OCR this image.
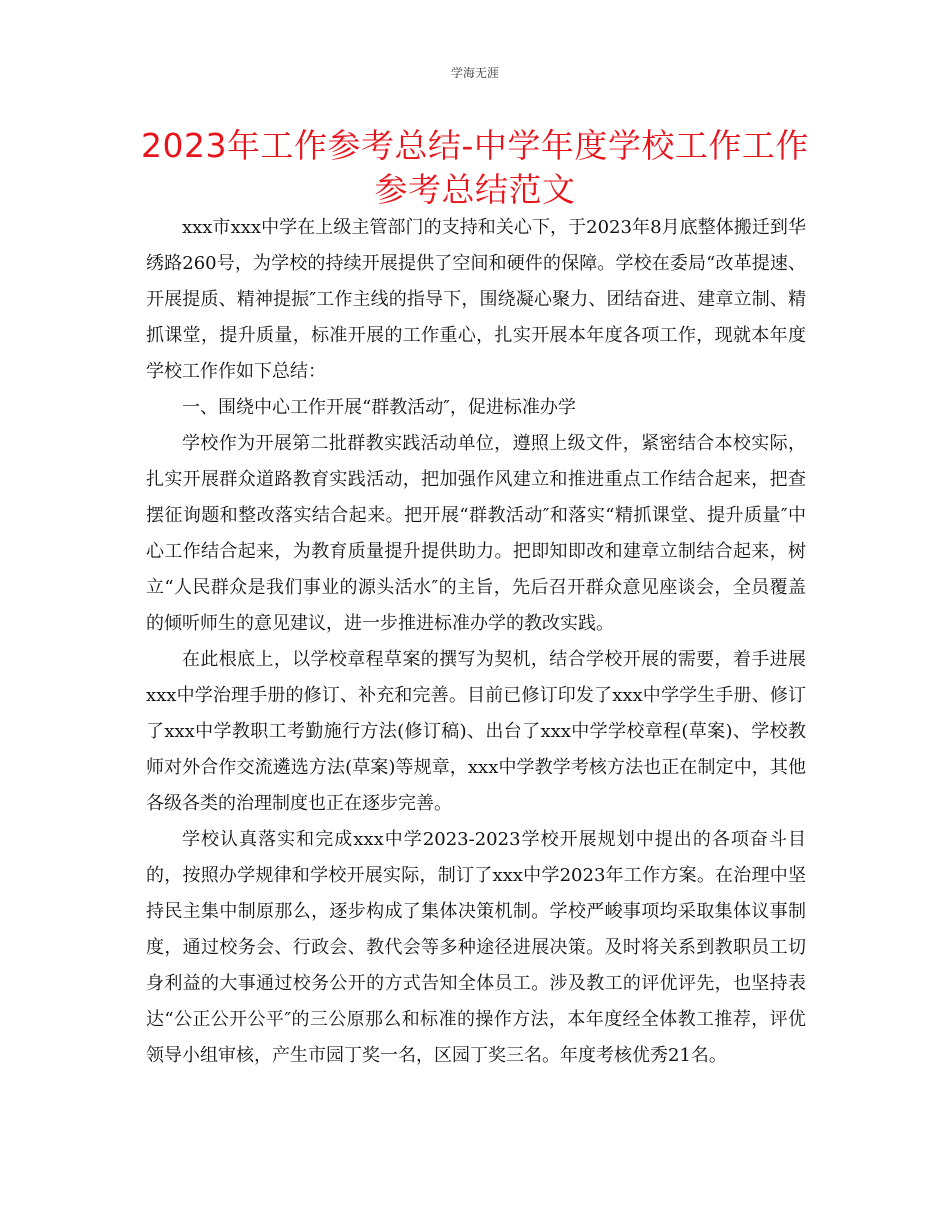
学海无涯
2023年工作参考总结-中学年度学校工作工作参考总结范文

xxx市xxx中学在上级主管部门的支持和关心下，于2023年8月底整体搬迁到华绣路260号，为学校的持续开展提供了空间和硬件的保障。学校在委局“改革提速、开展提质、精神提振″工作主线的指导下，围绕凝心聚力、团结奋进、建章立制、精抓课堂，提升质量，标准开展的工作重心，扎实开展本年度各项工作，现就本年度学校工作作如下总结：

一、围绕中心工作开展“群教活动″，促进标准办学

学校作为开展第二批群教实践活动单位，遵照上级文件，紧密结合本校实际，扎实开展群众道路教育实践活动，把加强作风建立和推进重点工作结合起来，把查摆征询题和整改落实结合起来。把开展“群教活动″和落实“精抓课堂、提升质量″中心工作结合起来，为教育质量提升提供助力。把即知即改和建章立制结合起来，树立“人民群众是我们事业的源头活水″的主旨，先后召开群众意见座谈会，全员覆盖的倾听师生的意见建议，进一步推进标准办学的教改实践。

在此根底上，以学校章程草案的撰写为契机，结合学校开展的需要，着手进展xxx中学治理手册的修订、补充和完善。目前已修订印发了xxx中学学生手册、修订了xxx中学教职工考勤施行方法(修订稿)、出台了xxx中学学校章程(草案)、学校教师对外合作交流遴选方法(草案)等规章，xxx中学教学考核方法也正在制定中，其他各级各类的治理制度也正在逐步完善。

学校认真落实和完成xxx中学2023-2023学校开展规划中提出的各项奋斗目的，按照办学规律和学校开展实际，制订了xxx中学2023年工作方案。在治理中坚持民主集中制原那么，逐步构成了集体决策机制。学校严峻事项均采取集体议事制度，通过校务会、行政会、教代会等多种途径进展决策。及时将关系到教职员工切身利益的大事通过校务公开的方式告知全体员工。涉及教工的评优评先，也坚持表达“公正公开公平″的三公原那么和标准的操作方法，本年度经全体教工推荐，评优领导小组审核，产生市园丁奖一名，区园丁奖三名。年度考核优秀21名。
